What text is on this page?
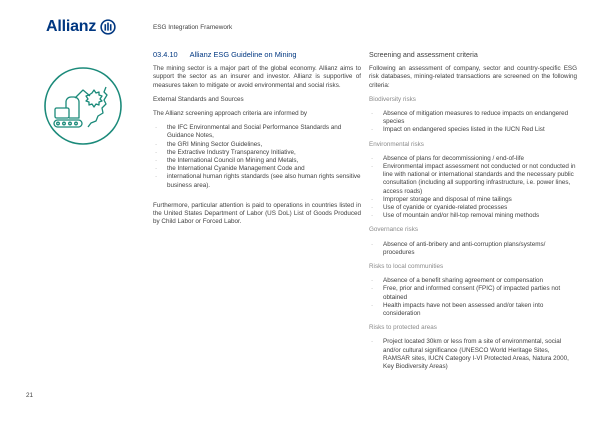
Allianz	ESG Integration Framework
03.4.10 Allianz ESG Guideline on Mining

The mining sector is a major part of the global economy. Allianz aims to support the sector as an insurer and investor. Allianz is supportive of measures taken to mitigate or avoid environmental and social risks.

External Standards and Sources
The Allianz screening approach criteria are informed by
· the IFC Environmental and Social Performance Standards and Guidance Notes,
· the GRI Mining Sector Guidelines,
· the Extractive Industry Transparency Initiative,
· the International Council on Mining and Metals,
· the International Cyanide Management Code and
· international human rights standards (see also human rights sensitive business area).

Furthermore, particular attention is paid to operations in countries listed in the United States Department of Labor (US DoL) List of Goods Produced by Child Labor or Forced Labor.

Screening and assessment criteria

Following an assessment of company, sector and country-specific ESG risk databases, mining-related transactions are screened on the following criteria:

Biodiversity risks
· Absence of mitigation measures to reduce impacts on endangered species
· Impact on endangered species listed in the IUCN Red List
Environmental risks
· Absence of plans for decommissioning / end-of-life
· Environmental impact assessment not conducted or not conducted in line with national or international standards and the necessary public consultation (including all supporting infrastructure, i.e. power lines, access roads)
· Improper storage and disposal of mine tailings
· Use of cyanide or cyanide-related processes
· Use of mountain and/or hill-top removal mining methods
Governance risks
· Absence of anti-bribery and anti-corruption plans/systems/ procedures
Risks to local communities
· Absence of a benefit sharing agreement or compensation
· Free, prior and informed consent (FPIC) of impacted parties not obtained
· Health impacts have not been assessed and/or taken into consideration
Risks to protected areas
· Project located 30km or less from a site of environmental, social and/or cultural significance (UNESCO World Heritage Sites, RAMSAR sites, IUCN Category I-VI Protected Areas, Natura 2000, Key Biodiversity Areas)
21
